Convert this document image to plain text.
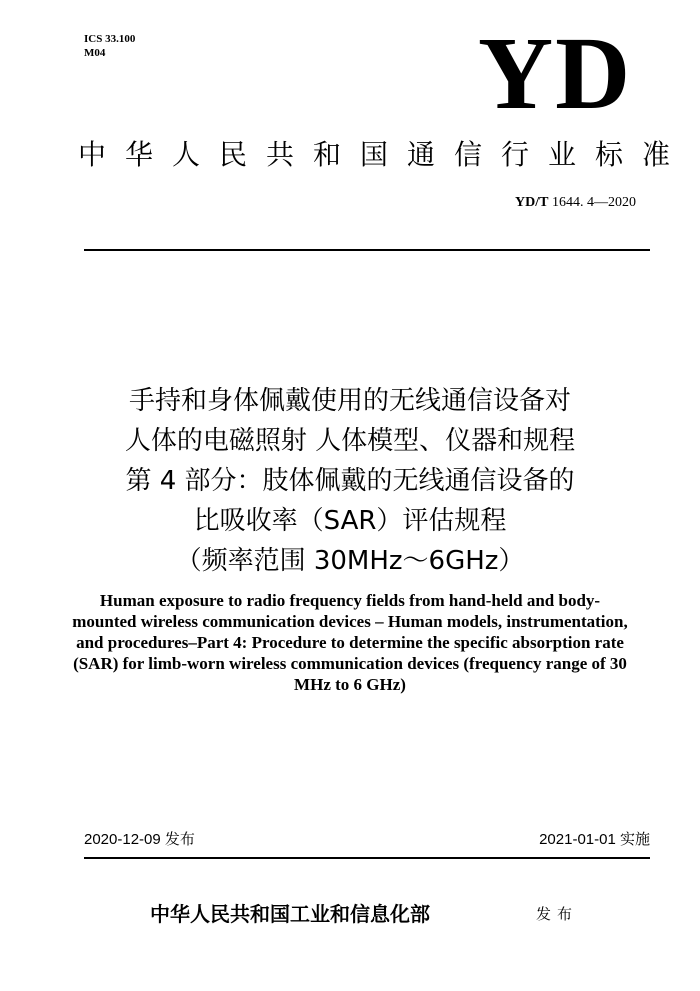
ICS 33.100
M04	YD
中华人民共和国通信行业标准
YD/T 1644. 4—2020
手持和身体佩戴使用的无线通信设备对
人体的电磁照射 人体模型、仪器和规程
第 4 部分：肢体佩戴的无线通信设备的
比吸收率（SAR）评估规程
（频率范围 30MHz～6GHz）
Human exposure to radio frequency fields from hand-held and body-mounted wireless communication devices – Human models, instrumentation, and procedures–Part 4: Procedure to determine the specific absorption rate (SAR) for limb-worn wireless communication devices (frequency range of 30 MHz to 6 GHz)
2020-12-09 发布	2021-01-01 实施
中华人民共和国工业和信息化部	发布
